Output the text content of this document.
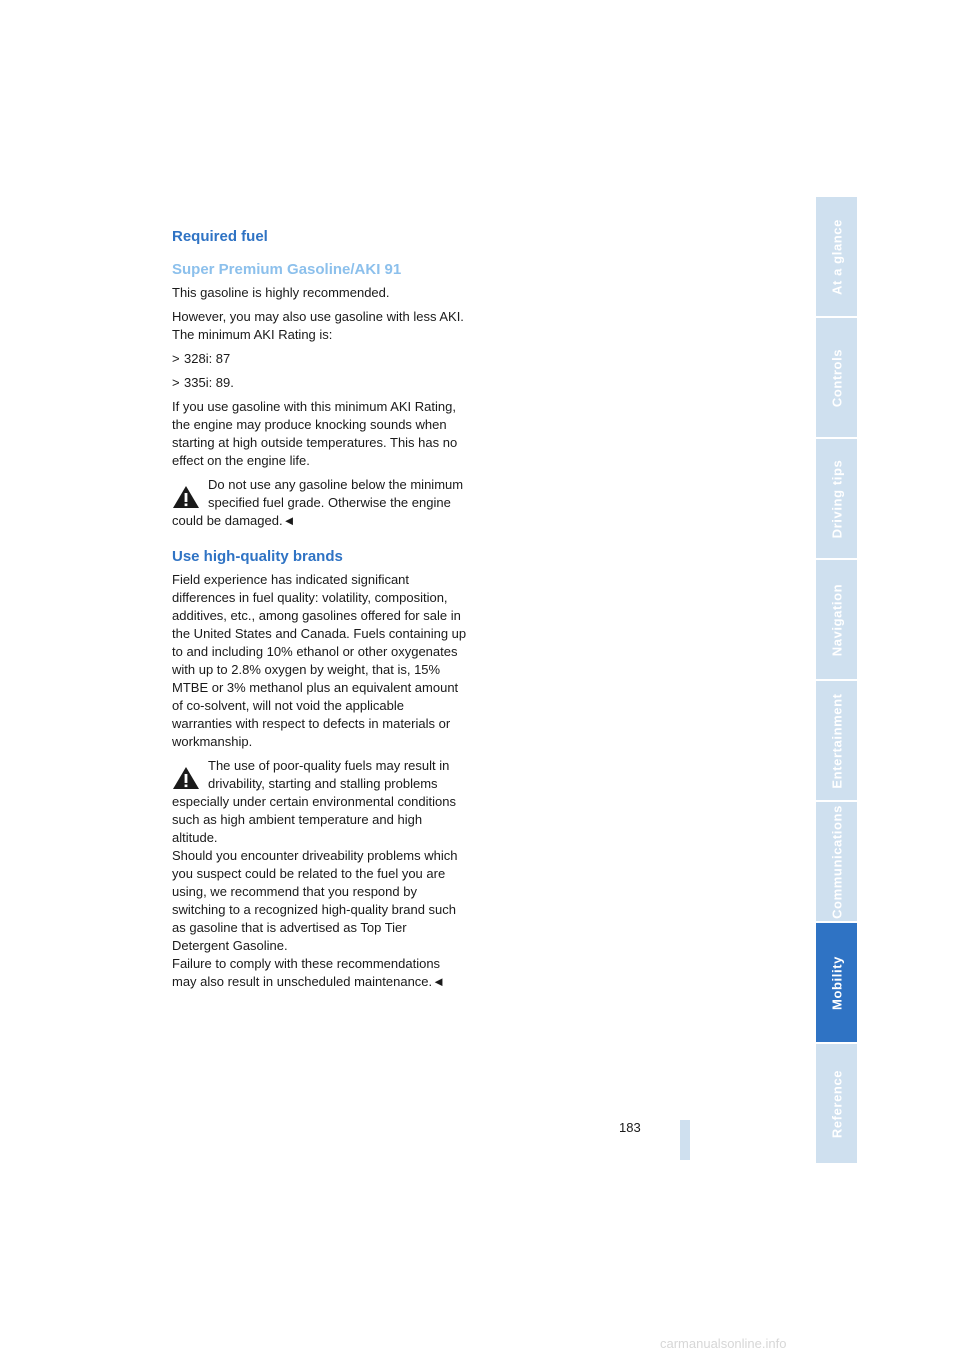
Required fuel
Super Premium Gasoline/AKI 91

This gasoline is highly recommended.

However, you may also use gasoline with less AKI. The minimum AKI Rating is:

> 328i: 87
> 335i: 89.

If you use gasoline with this minimum AKI Rating, the engine may produce knocking sounds when starting at high outside temperatures. This has no effect on the engine life.

Do not use any gasoline below the minimum specified fuel grade. Otherwise the engine could be damaged.◄
Use high-quality brands

Field experience has indicated significant differences in fuel quality: volatility, composition, additives, etc., among gasolines offered for sale in the United States and Canada. Fuels containing up to and including 10% ethanol or other oxygenates with up to 2.8% oxygen by weight, that is, 15% MTBE or 3% methanol plus an equivalent amount of co-solvent, will not void the applicable warranties with respect to defects in materials or workmanship.

The use of poor-quality fuels may result in drivability, starting and stalling problems especially under certain environmental conditions such as high ambient temperature and high altitude.

Should you encounter driveability problems which you suspect could be related to the fuel you are using, we recommend that you respond by switching to a recognized high-quality brand such as gasoline that is advertised as Top Tier Detergent Gasoline.

Failure to comply with these recommendations may also result in unscheduled maintenance.◄

At a glance
Controls
Driving tips
Navigation
Entertainment
Communications
Mobility
Reference
183
carmanualsonline.info
